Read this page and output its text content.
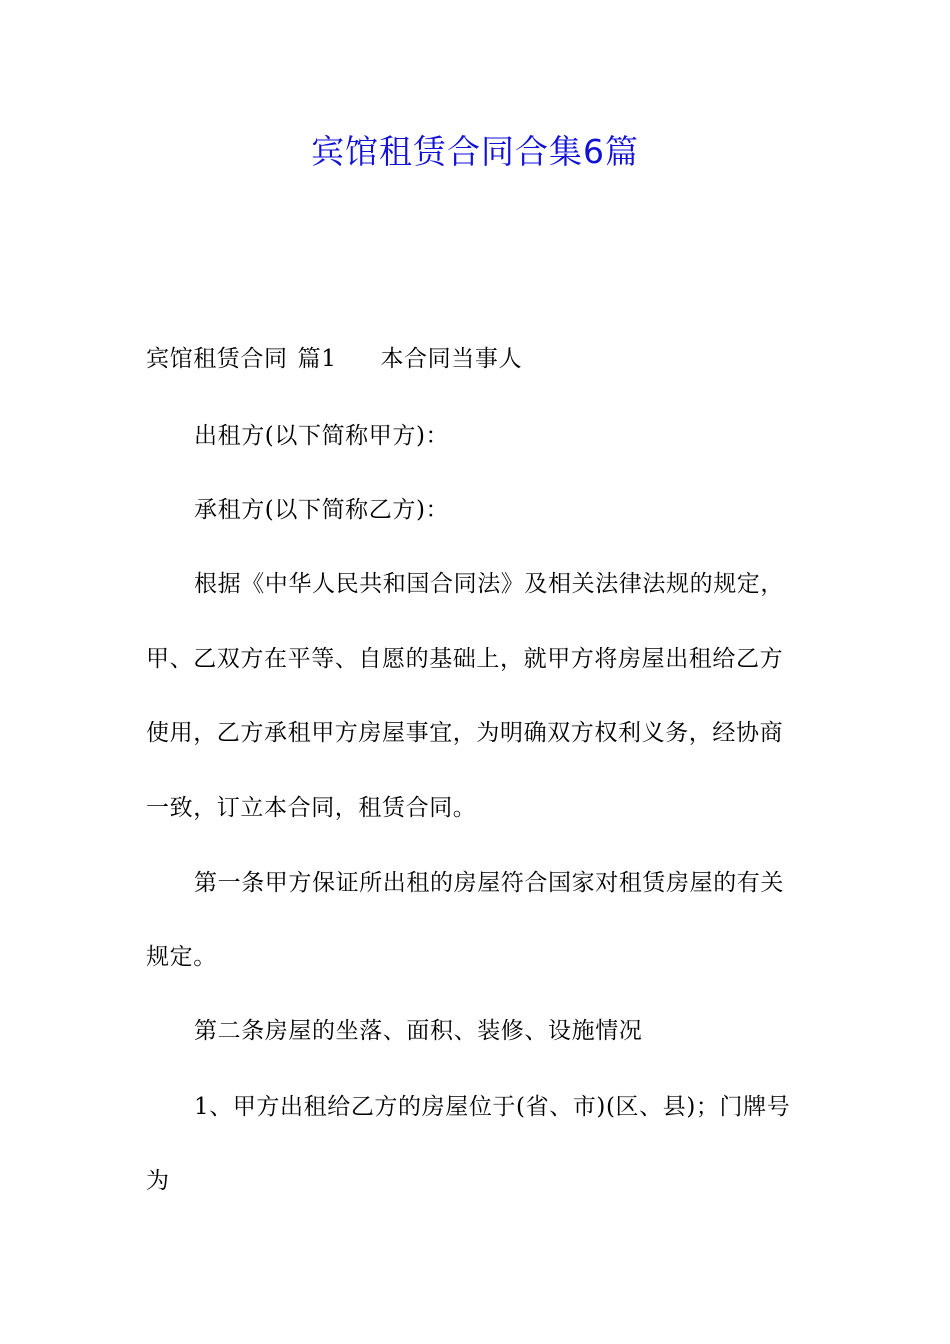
宾馆租赁合同合集6篇
宾馆租赁合同 篇1 本合同当事人
出租方(以下简称甲方)：
承租方(以下简称乙方)：
根据《中华人民共和国合同法》及相关法律法规的规定，
甲、乙双方在平等、自愿的基础上，就甲方将房屋出租给乙方
使用，乙方承租甲方房屋事宜，为明确双方权利义务，经协商
一致，订立本合同，租赁合同。
第一条甲方保证所出租的房屋符合国家对租赁房屋的有关
规定。
第二条房屋的坐落、面积、装修、设施情况
1、甲方出租给乙方的房屋位于(省、市)(区、县)；门牌号
为
